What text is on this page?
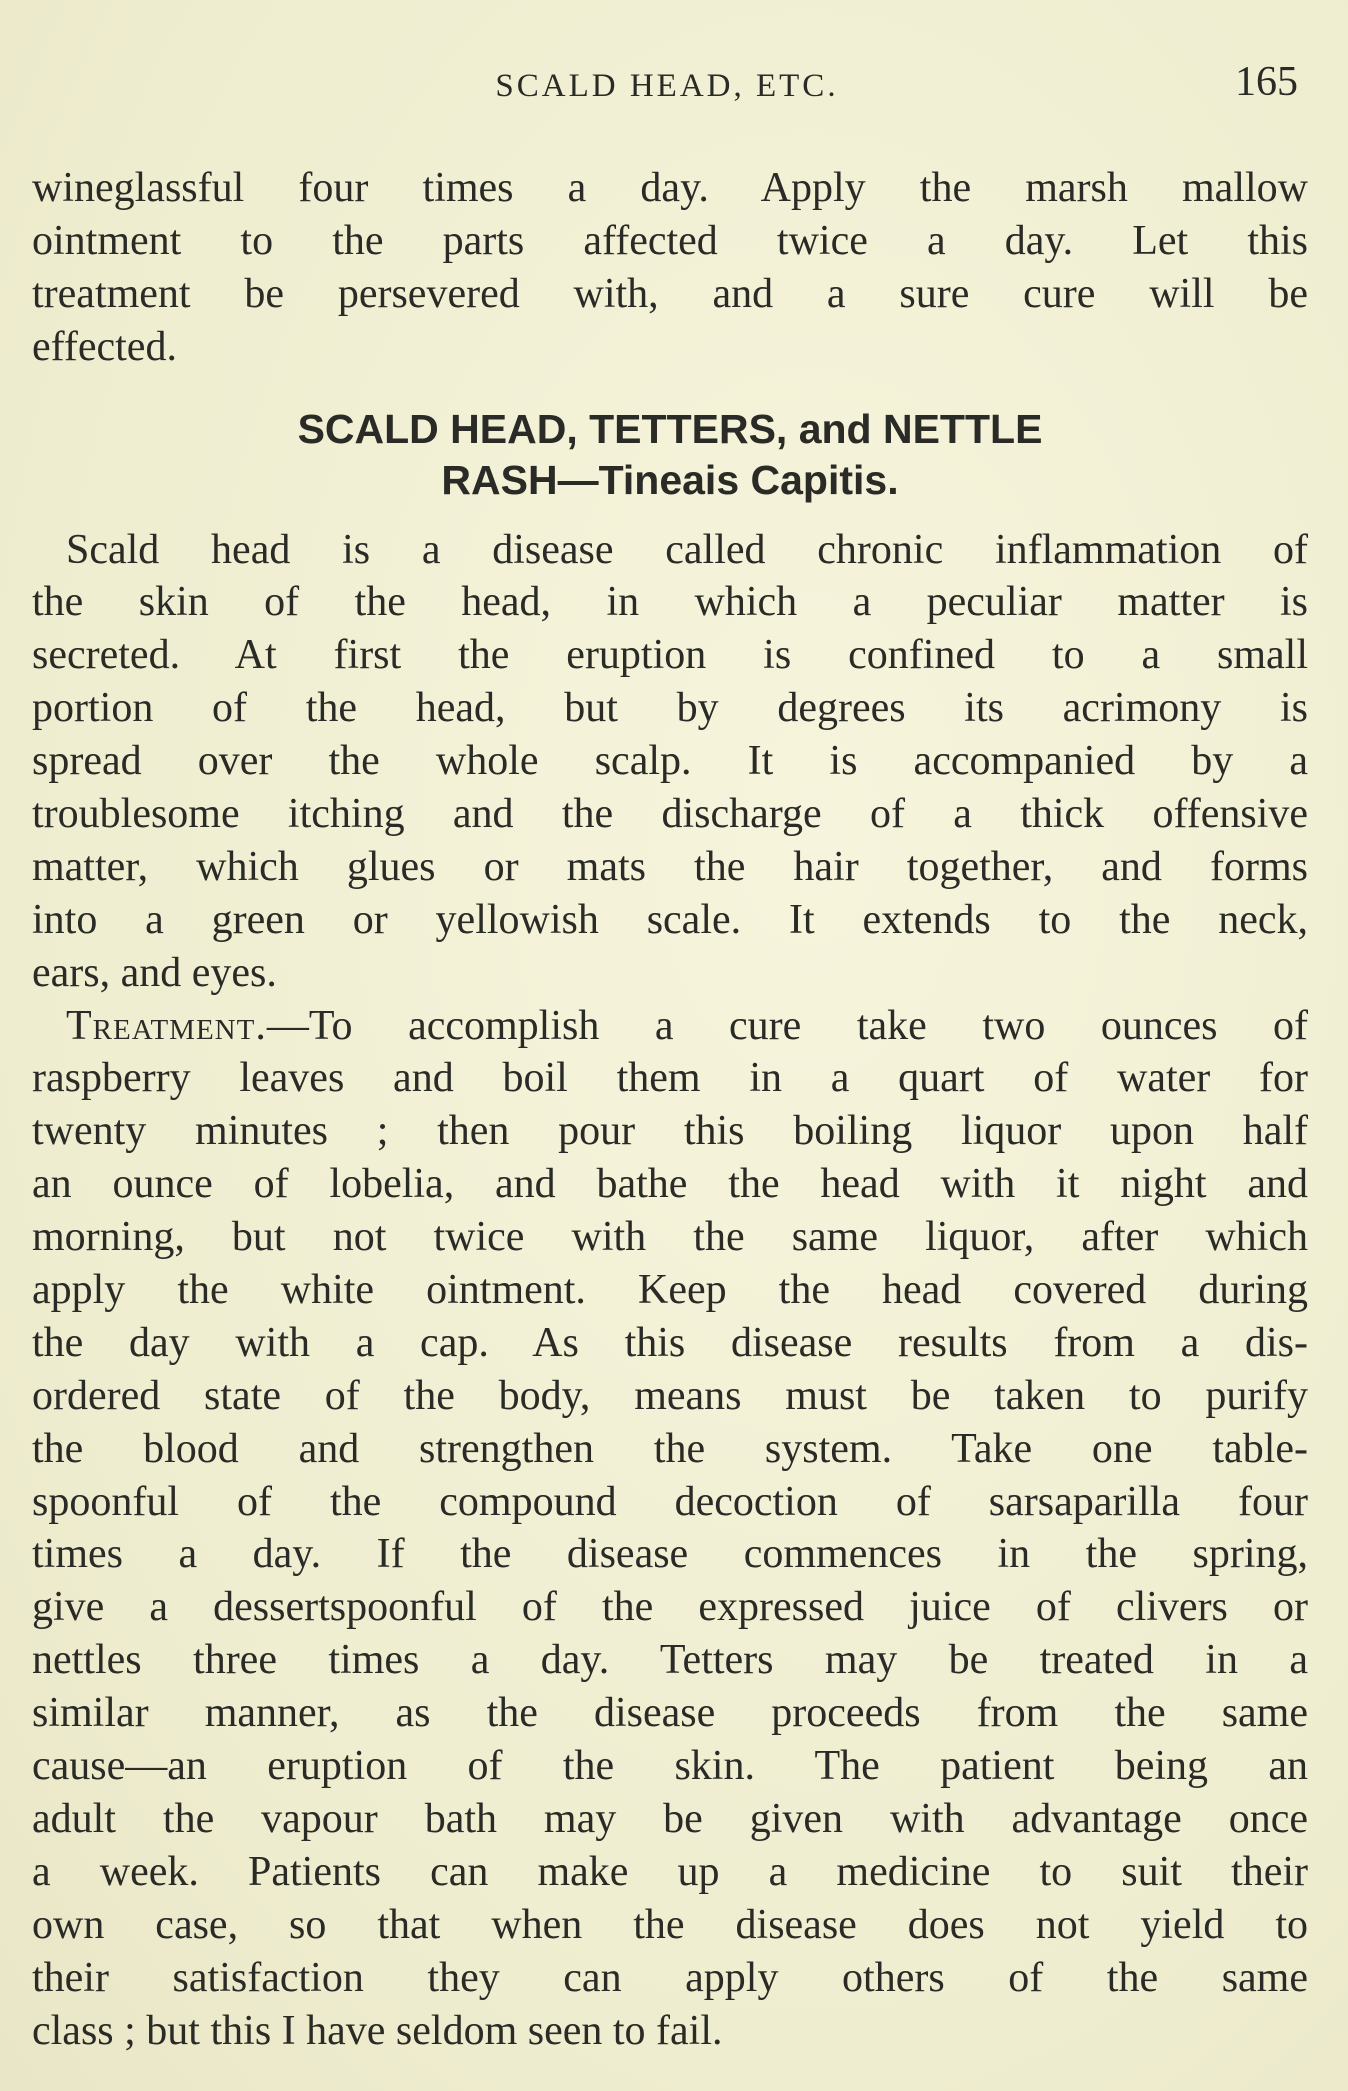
SCALD HEAD, ETC.	165
wineglassful four times a day. Apply the marsh mallow
ointment to the parts affected twice a day. Let this
treatment be persevered with, and a sure cure will be
effected.
SCALD HEAD, TETTERS, and NETTLE
RASH—Tineais Capitis.
Scald head is a disease called chronic inflammation of
the skin of the head, in which a peculiar matter is
secreted. At first the eruption is confined to a small
portion of the head, but by degrees its acrimony is
spread over the whole scalp. It is accompanied by a
troublesome itching and the discharge of a thick offensive
matter, which glues or mats the hair together, and forms
into a green or yellowish scale. It extends to the neck,
ears, and eyes.
Treatment.—To accomplish a cure take two ounces of
raspberry leaves and boil them in a quart of water for
twenty minutes ; then pour this boiling liquor upon half
an ounce of lobelia, and bathe the head with it night and
morning, but not twice with the same liquor, after which
apply the white ointment. Keep the head covered during
the day with a cap. As this disease results from a dis-
ordered state of the body, means must be taken to purify
the blood and strengthen the system. Take one table-
spoonful of the compound decoction of sarsaparilla four
times a day. If the disease commences in the spring,
give a dessertspoonful of the expressed juice of clivers or
nettles three times a day. Tetters may be treated in a
similar manner, as the disease proceeds from the same
cause—an eruption of the skin. The patient being an
adult the vapour bath may be given with advantage once
a week. Patients can make up a medicine to suit their
own case, so that when the disease does not yield to
their satisfaction they can apply others of the same
class ; but this I have seldom seen to fail.
